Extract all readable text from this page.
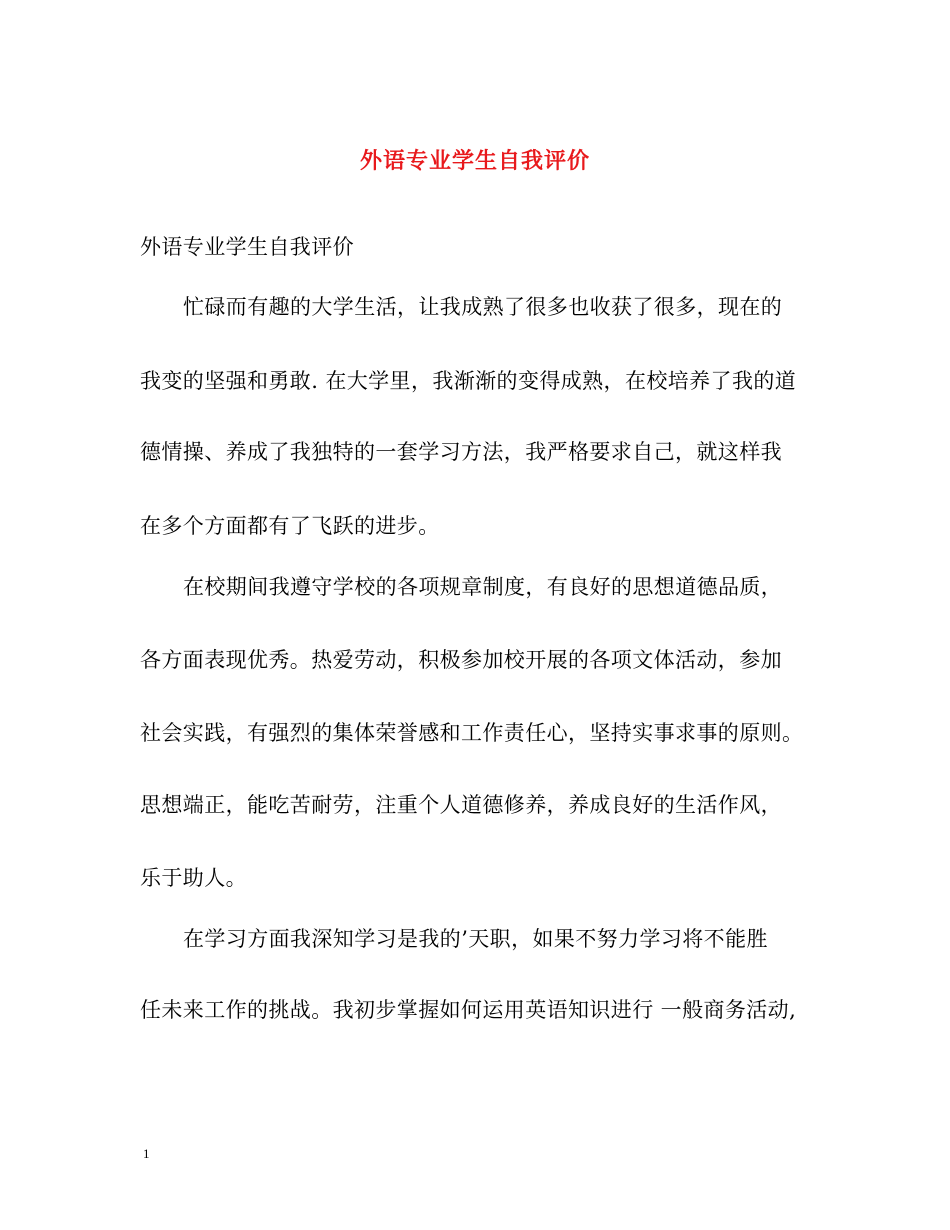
外语专业学生自我评价
外语专业学生自我评价
忙碌而有趣的大学生活，让我成熟了很多也收获了很多，现在的
我变的坚强和勇敢. 在大学里，我渐渐的变得成熟，在校培养了我的道
德情操、养成了我独特的一套学习方法，我严格要求自己，就这样我
在多个方面都有了飞跃的进步。
在校期间我遵守学校的各项规章制度，有良好的思想道德品质，
各方面表现优秀。热爱劳动，积极参加校开展的各项文体活动，参加
社会实践，有强烈的集体荣誉感和工作责任心，坚持实事求事的原则。
思想端正，能吃苦耐劳，注重个人道德修养，养成良好的生活作风，
乐于助人。
在学习方面我深知学习是我的’天职，如果不努力学习将不能胜
任未来工作的挑战。我初步掌握如何运用英语知识进行 一般商务活动,
1
